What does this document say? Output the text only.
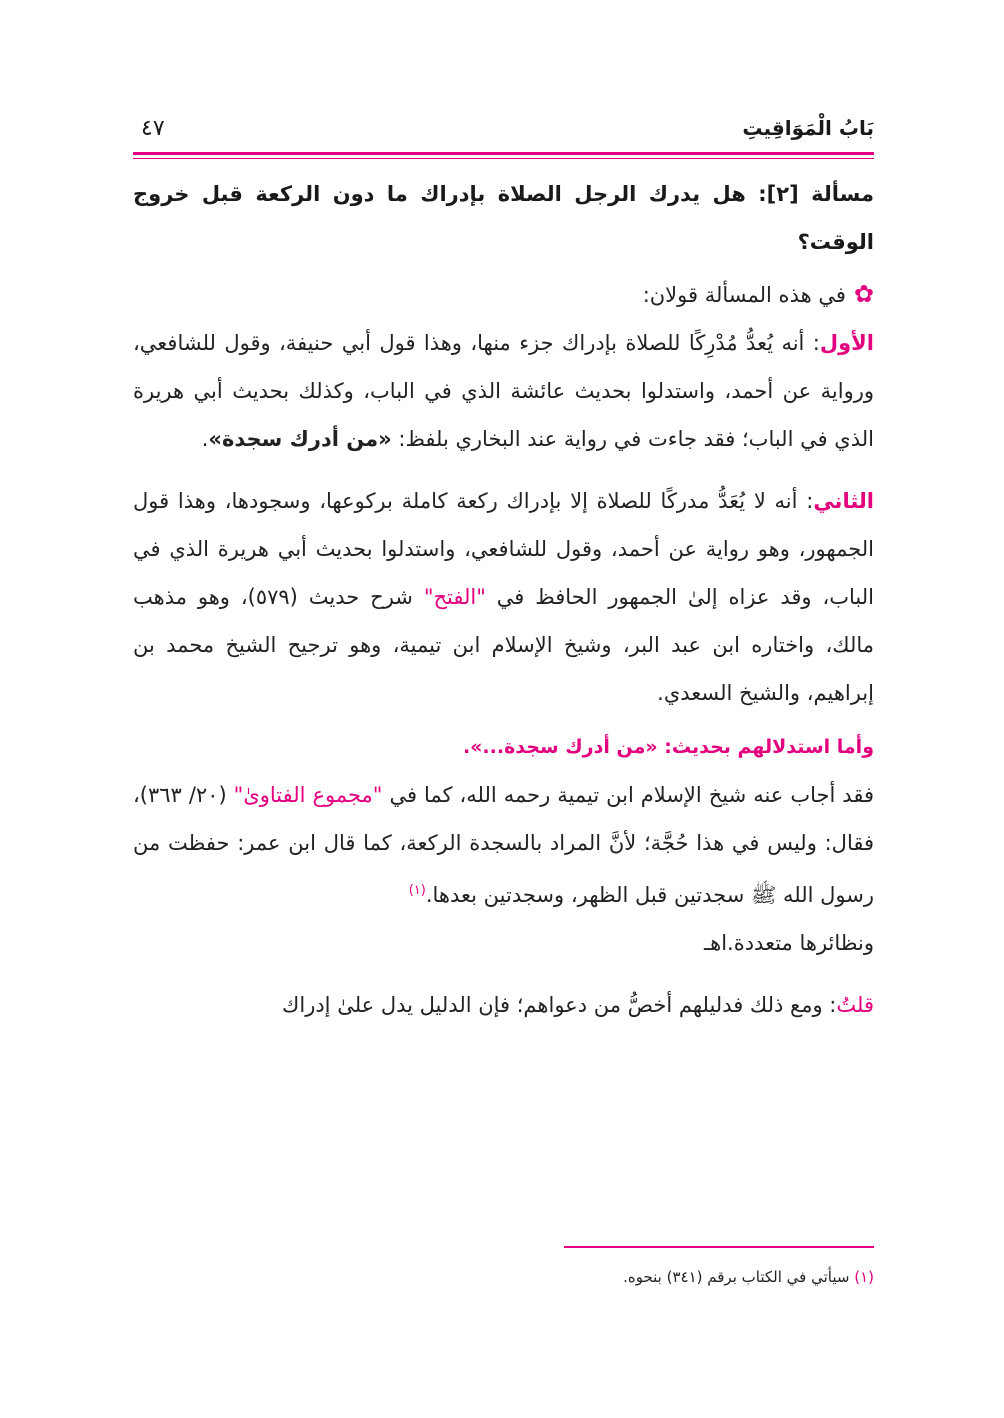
بَابُ الْمَوَاقِيتِ
٤٧

مسألة [٢]: هل يدرك الرجل الصلاة بإدراك ما دون الركعة قبل خروج الوقت؟

✿في هذه المسألة قولان:

الأول: أنه يُعدُّ مُدْرِكًا للصلاة بإدراك جزء منها، وهذا قول أبي حنيفة، وقول للشافعي، ورواية عن أحمد، واستدلوا بحديث عائشة الذي في الباب، وكذلك بحديث أبي هريرة الذي في الباب؛ فقد جاءت في رواية عند البخاري بلفظ: «من أدرك سجدة».

الثاني: أنه لا يُعَدُّ مدركًا للصلاة إلا بإدراك ركعة كاملة بركوعها، وسجودها، وهذا قول الجمهور، وهو رواية عن أحمد، وقول للشافعي، واستدلوا بحديث أبي هريرة الذي في الباب، وقد عزاه إلىٰ الجمهور الحافظ في "الفتح" شرح حديث (٥٧٩)، وهو مذهب مالك، واختاره ابن عبد البر، وشيخ الإسلام ابن تيمية، وهو ترجيح الشيخ محمد بن إبراهيم، والشيخ السعدي.

وأما استدلالهم بحديث: «من أدرك سجدة...».

فقد أجاب عنه شيخ الإسلام ابن تيمية رحمه الله، كما في "مجموع الفتاوىٰ" (٢٠/ ٣٦٣)، فقال: وليس في هذا حُجَّة؛ لأنَّ المراد بالسجدة الركعة، كما قال ابن عمر: حفظت من رسول الله ﷺ سجدتين قبل الظهر، وسجدتين بعدها.$^{(١)}$

ونظائرها متعددة.اهـ

قلتُ: ومع ذلك فدليلهم أخصُّ من دعواهم؛ فإن الدليل يدل علىٰ إدراك

(١) سيأتي في الكتاب برقم (٣٤١) بنحوه.
